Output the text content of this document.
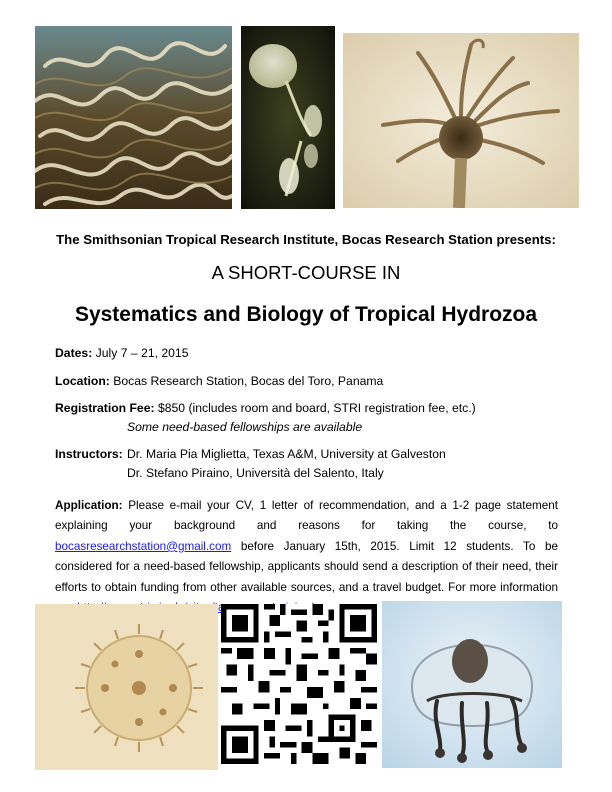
The Smithsonian Tropical Research Institute, Bocas Research Station presents:
A SHORT-COURSE IN
Systematics and Biology of Tropical Hydrozoa
Dates: July 7 – 21, 2015
Location: Bocas Research Station, Bocas del Toro, Panama
Registration Fee: $850 (includes room and board, STRI registration fee, etc.)
Some need-based fellowships are available
Instructors: Dr. Maria Pia Miglietta, Texas A&M, University at Galveston
Dr. Stefano Piraino, Università del Salento, Italy
Application: Please e-mail your CV, 1 letter of recommendation, and a 1-2 page statement explaining your background and reasons for taking the course, to bocasresearchstation@gmail.com before January 15th, 2015. Limit 12 students. To be considered for a need-based fellowship, applicants should send a description of their need, their efforts to obtain funding from other available sources, and a travel budget. For more information
